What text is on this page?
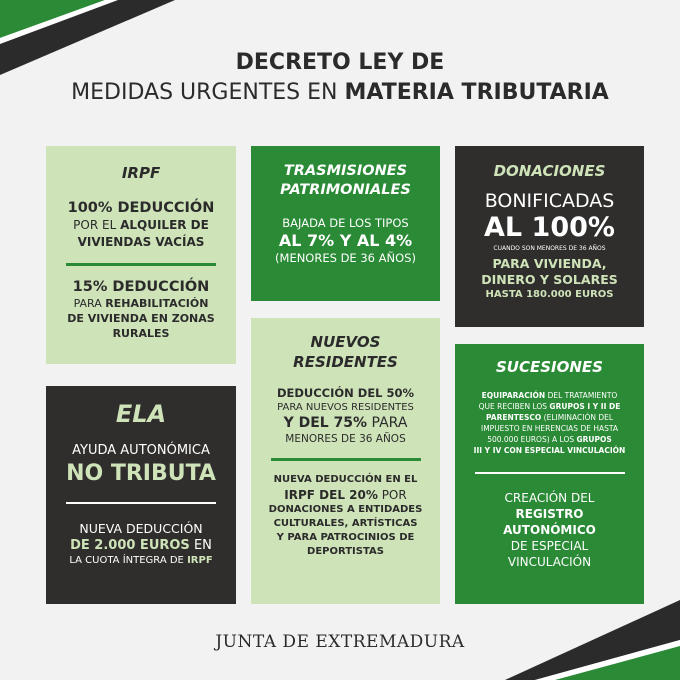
DECRETO LEY DE
MEDIDAS URGENTES EN MATERIA TRIBUTARIA
IRPF
100% DEDUCCIÓN
POR EL ALQUILER DE
VIVIENDAS VACÍAS
15% DEDUCCIÓN
PARA REHABILITACIÓN
DE VIVIENDA EN ZONAS
RURALES
TRASMISIONES
PATRIMONIALES
BAJADA DE LOS TIPOS
AL 7% Y AL 4%
(MENORES DE 36 AÑOS)
DONACIONES
BONIFICADAS
AL 100%
CUANDO SON MENORES DE 36 AÑOS
PARA VIVIENDA,
DINERO Y SOLARES
HASTA 180.000 EUROS
NUEVOS
RESIDENTES
DEDUCCIÓN DEL 50%
PARA NUEVOS RESIDENTES
Y DEL 75% PARA
MENORES DE 36 AÑOS
NUEVA DEDUCCIÓN EN EL
IRPF DEL 20% POR
DONACIONES A ENTIDADES
CULTURALES, ARTÍSTICAS
Y PARA PATROCINIOS DE
DEPORTISTAS
SUCESIONES
EQUIPARACIÓN DEL TRATAMIENTO
QUE RECIBEN LOS GRUPOS I Y II DE
PARENTESCO (ELIMINACIÓN DEL
IMPUESTO EN HERENCIAS DE HASTA
500.000 EUROS) A LOS GRUPOS
III Y IV CON ESPECIAL VINCULACIÓN
CREACIÓN DEL
REGISTRO
AUTONÓMICO
DE ESPECIAL
VINCULACIÓN
ELA
AYUDA AUTONÓMICA
NO TRIBUTA
NUEVA DEDUCCIÓN
DE 2.000 EUROS EN
LA CUOTA ÍNTEGRA DE IRPF
JUNTA DE EXTREMADURA
